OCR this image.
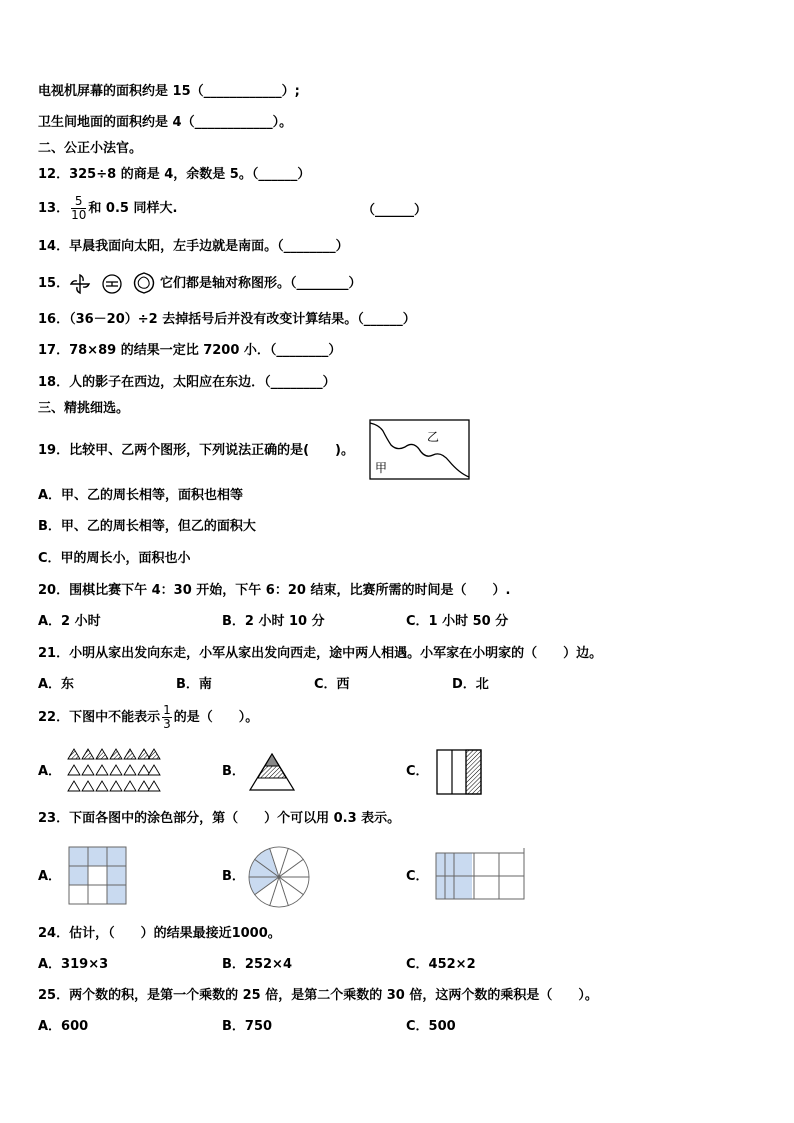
电视机屏幕的面积约是 15（____________）;
卫生间地面的面积约是 4（____________）。
二、公正小法官。
12．325÷8 的商是 4，余数是 5。（______）
13． $\frac{5}{10}$ 和 0.5 同样大.	（______）
14．早晨我面向太阳，左手边就是南面。（________）
15．	它们都是轴对称图形。（________）
16．（36－20）÷2 去掉括号后并没有改变计算结果。（______）
17．78×89 的结果一定比 7200 小．（________）
18．人的影子在西边，太阳应在东边．（________）
三、精挑细选。
19．比较甲、乙两个图形，下列说法正确的是(　　)。
甲
乙
A．甲、乙的周长相等，面积也相等
B．甲、乙的周长相等，但乙的面积大
C．甲的周长小，面积也小
20．围棋比赛下午 4：30 开始，下午 6：20 结束，比赛所需的时间是（　　）.
A．2 小时	B．2 小时 10 分	C．1 小时 50 分
21．小明从家出发向东走，小军从家出发向西走，途中两人相遇。小军家在小明家的（　　）边。
A．东	B．南	C．西	D．北
22．下图中不能表示 $\frac{1}{3}$ 的是（　　）。
A．	B．	C．
23．下面各图中的涂色部分，第（　　）个可以用 0.3 表示。
A．	B．	C．
24．估计，（　　）的结果最接近1000。
A．319×3	B．252×4	C．452×2
25．两个数的积，是第一个乘数的 25 倍，是第二个乘数的 30 倍，这两个数的乘积是（　　）。
A．600	B．750	C．500
